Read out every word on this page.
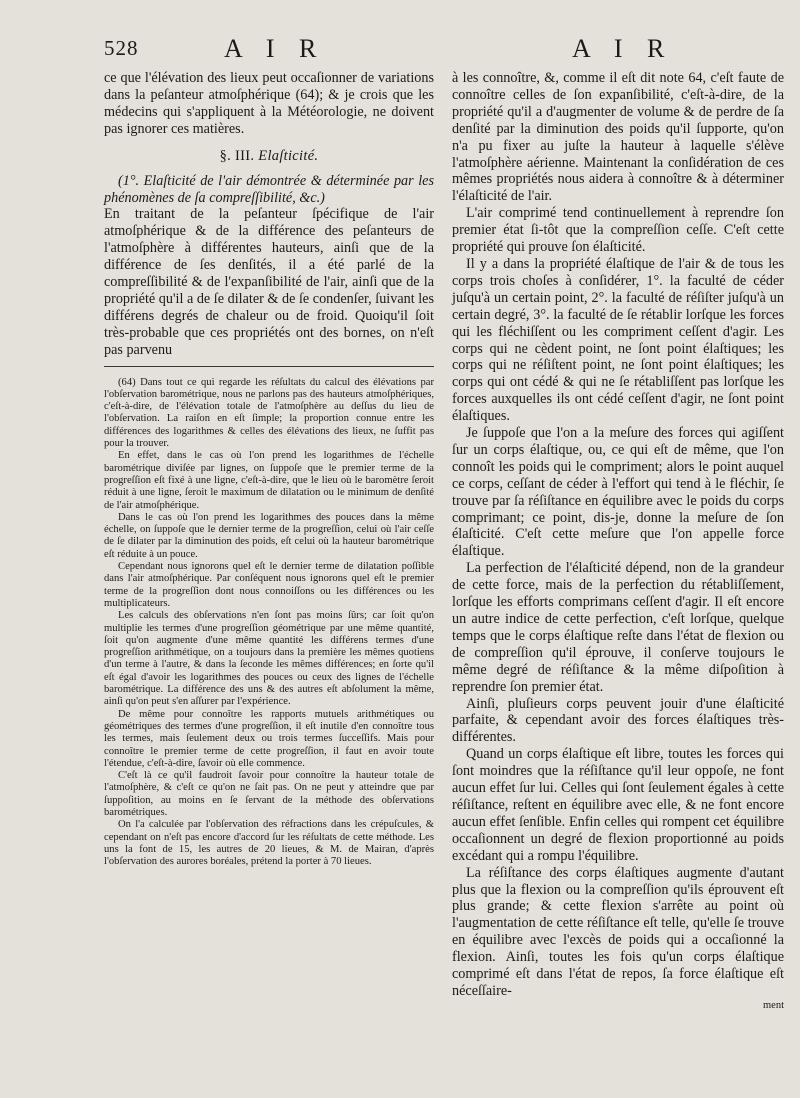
528	A I R	A I R

ce que l'élévation des lieux peut occaſionner de variations dans la peſanteur atmoſphérique (64); & je crois que les médecins qui s'appliquent à la Météorologie, ne doivent pas ignorer ces matières.

§. III. Elaſticité.

(1°. Elaſticité de l'air démontrée & déterminée par les phénomènes de ſa compreſſibilité, &c.)

En traitant de la peſanteur ſpécifique de l'air atmoſphérique & de la différence des peſanteurs de l'atmoſphère à différentes hauteurs, ainſi que de la différence de ſes denſités, il a été parlé de la compreſſibilité & de l'expanſibilité de l'air, ainſi que de la propriété qu'il a de ſe dilater & de ſe condenſer, ſuivant les différens degrés de chaleur ou de froid. Quoiqu'il ſoit très-probable que ces propriétés ont des bornes, on n'eſt pas parvenu

(64) Dans tout ce qui regarde les réſultats du calcul des élévations par l'obſervation barométrique, nous ne parlons pas des hauteurs atmoſphériques, c'eſt-à-dire, de l'élévation totale de l'atmoſphère au deſſus du lieu de l'obſervation. La raiſon en eſt ſimple; la proportion connue entre les différences des logarithmes & celles des élévations des lieux, ne ſuffit pas pour la trouver.

En effet, dans le cas où l'on prend les logarithmes de l'échelle barométrique diviſée par lignes, on ſuppoſe que le premier terme de la progreſſion eſt fixé à une ligne, c'eſt-à-dire, que le lieu où le baromètre ſeroit réduit à une ligne, ſeroit le maximum de dilatation ou le minimum de denſité de l'air atmoſphérique.

Dans le cas où l'on prend les logarithmes des pouces dans la même échelle, on ſuppoſe que le dernier terme de la progreſſion, celui où l'air ceſſe de ſe dilater par la diminution des poids, eſt celui où la hauteur barométrique eſt réduite à un pouce.

Cependant nous ignorons quel eſt le dernier terme de dilatation poſſible dans l'air atmoſphérique. Par conſéquent nous ignorons quel eſt le premier terme de la progreſſion dont nous connoiſſons ou les différences ou les multiplicateurs.

Les calculs des obſervations n'en ſont pas moins ſûrs; car ſoit qu'on multiplie les termes d'une progreſſion géométrique par une même quantité, ſoit qu'on augmente d'une même quantité les différens termes d'une progreſſion arithmétique, on a toujours dans la première les mêmes quotiens d'un terme à l'autre, & dans la ſeconde les mêmes différences; en ſorte qu'il eſt égal d'avoir les logarithmes des pouces ou ceux des lignes de l'échelle barométrique. La différence des uns & des autres eſt abſolument la même, ainſi qu'on peut s'en aſſurer par l'expérience.

De même pour connoître les rapports mutuels arithmétiques ou géométriques des termes d'une progreſſion, il eſt inutile d'en connoître tous les termes, mais ſeulement deux ou trois termes ſucceſſifs. Mais pour connoître le premier terme de cette progreſſion, il faut en avoir toute l'étendue, c'eſt-à-dire, ſavoir où elle commence.

C'eſt là ce qu'il faudroit ſavoir pour connoître la hauteur totale de l'atmoſphère, & c'eſt ce qu'on ne ſait pas. On ne peut y atteindre que par ſuppoſition, au moins en ſe ſervant de la méthode des obſervations barométriques.

On l'a calculée par l'obſervation des réfractions dans les crépuſcules, & cependant on n'eſt pas encore d'accord ſur les réſultats de cette méthode. Les uns la font de 15, les autres de 20 lieues, & M. de Mairan, d'après l'obſervation des aurores boréales, prétend la porter à 70 lieues.

à les connoître, &, comme il eſt dit note 64, c'eſt faute de connoître celles de ſon expanſibilité, c'eſt-à-dire, de la propriété qu'il a d'augmenter de volume & de perdre de ſa denſité par la diminution des poids qu'il ſupporte, qu'on n'a pu fixer au juſte la hauteur à laquelle s'élève l'atmoſphère aérienne. Maintenant la conſidération de ces mêmes propriétés nous aidera à connoître & à déterminer l'élaſticité de l'air.

L'air comprimé tend continuellement à reprendre ſon premier état ſi-tôt que la compreſſion ceſſe. C'eſt cette propriété qui prouve ſon élaſticité.

Il y a dans la propriété élaſtique de l'air & de tous les corps trois choſes à conſidérer, 1°. la faculté de céder juſqu'à un certain point, 2°. la faculté de réſiſter juſqu'à un certain degré, 3°. la faculté de ſe rétablir lorſque les forces qui les fléchiſſent ou les compriment ceſſent d'agir. Les corps qui ne cèdent point, ne ſont point élaſtiques; les corps qui ne réſiſtent point, ne ſont point élaſtiques; les corps qui ont cédé & qui ne ſe rétabliſſent pas lorſque les forces auxquelles ils ont cédé ceſſent d'agir, ne ſont point élaſtiques.

Je ſuppoſe que l'on a la meſure des forces qui agiſſent ſur un corps élaſtique, ou, ce qui eſt de même, que l'on connoît les poids qui le compriment; alors le point auquel ce corps, ceſſant de céder à l'effort qui tend à le fléchir, ſe trouve par ſa réſiſtance en équilibre avec le poids du corps comprimant; ce point, dis-je, donne la meſure de ſon élaſticité. C'eſt cette meſure que l'on appelle force élaſtique.

La perfection de l'élaſticité dépend, non de la grandeur de cette force, mais de la perfection du rétabliſſement, lorſque les efforts comprimans ceſſent d'agir. Il eſt encore un autre indice de cette perfection, c'eſt lorſque, quelque temps que le corps élaſtique reſte dans l'état de flexion ou de compreſſion qu'il éprouve, il conſerve toujours le même degré de réſiſtance & la même diſpoſition à reprendre ſon premier état.

Ainſi, pluſieurs corps peuvent jouir d'une élaſticité parfaite, & cependant avoir des forces élaſtiques très-différentes.

Quand un corps élaſtique eſt libre, toutes les forces qui ſont moindres que la réſiſtance qu'il leur oppoſe, ne font aucun effet ſur lui. Celles qui ſont ſeulement égales à cette réſiſtance, reſtent en équilibre avec elle, & ne font encore aucun effet ſenſible. Enfin celles qui rompent cet équilibre occaſionnent un degré de flexion proportionné au poids excédant qui a rompu l'équilibre.

La réſiſtance des corps élaſtiques augmente d'autant plus que la flexion ou la compreſſion qu'ils éprouvent eſt plus grande; & cette flexion s'arrête au point où l'augmentation de cette réſiſtance eſt telle, qu'elle ſe trouve en équilibre avec l'excès de poids qui a occaſionné la flexion. Ainſi, toutes les fois qu'un corps élaſtique comprimé eſt dans l'état de repos, ſa force élaſtique eſt néceſſaire-

ment
